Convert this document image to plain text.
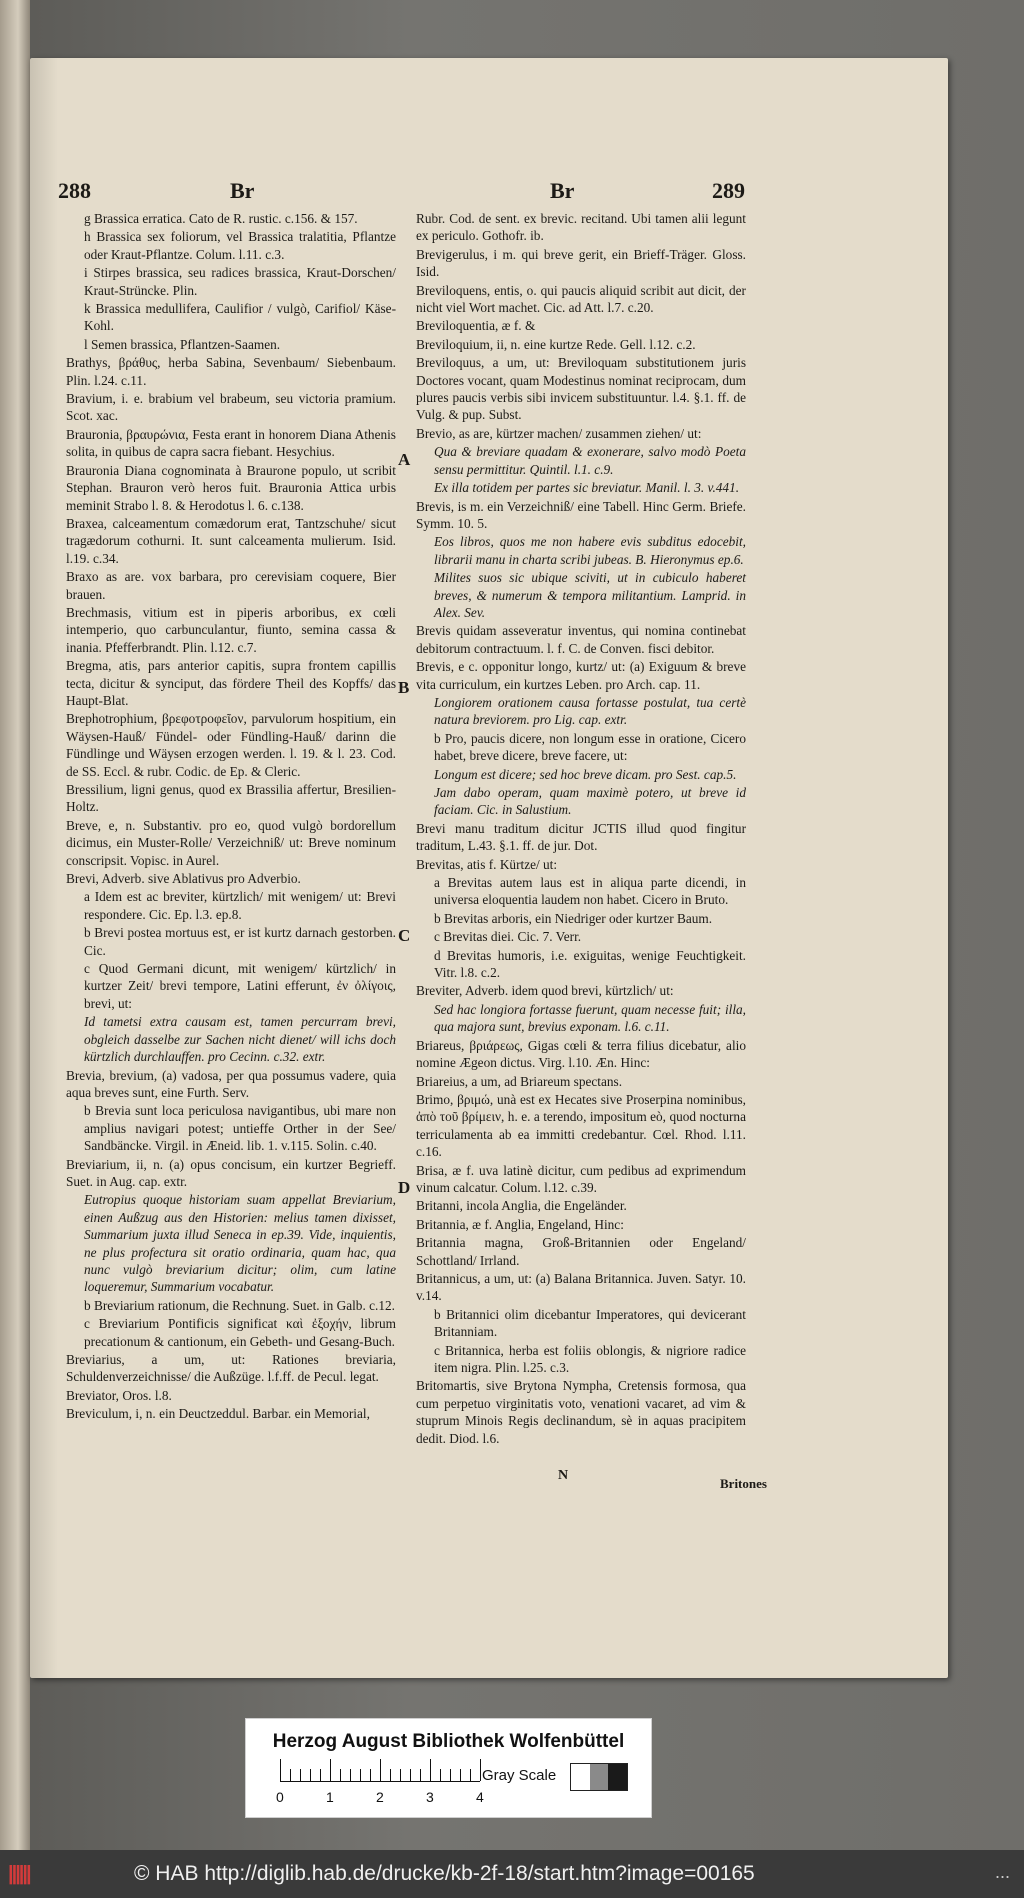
288	Br	Br	289

g Brassica erratica. Cato de R. rustic. c.156. & 157.

h Brassica sex foliorum, vel Brassica tralatitia, Pflantze oder Kraut-Pflantze. Colum. l.11. c.3.

i Stirpes brassica, seu radices brassica, Kraut-Dorschen/ Kraut-Strüncke. Plin.

k Brassica medullifera, Caulifior / vulgò, Carifiol/ Käse-Kohl.

l Semen brassica, Pflantzen-Saamen.

Brathys, βράθυς, herba Sabina, Sevenbaum/ Siebenbaum. Plin. l.24. c.11.

Bravium, i. e. brabium vel brabeum, seu victoria pramium. Scot. xac.

Brauronia, βραυρώνια, Festa erant in honorem Diana Athenis solita, in quibus de capra sacra fiebant. Hesychius.

Brauronia Diana cognominata à Braurone populo, ut scribit Stephan. Brauron verò heros fuit. Brauronia Attica urbis meminit Strabo l. 8. & Herodotus l. 6. c.138.

Braxea, calceamentum comædorum erat, Tantzschuhe/ sicut tragædorum cothurni. It. sunt calceamenta mulierum. Isid. l.19. c.34.

Braxo as are. vox barbara, pro cerevisiam coquere, Bier brauen.

Brechmasis, vitium est in piperis arboribus, ex cœli intemperio, quo carbunculantur, fiunto, semina cassa & inania. Pfefferbrandt. Plin. l.12. c.7.

Bregma, atis, pars anterior capitis, supra frontem capillis tecta, dicitur & synciput, das fördere Theil des Kopffs/ das Haupt-Blat.

Brephotrophium, βρεφοτροφεῖον, parvulorum hospitium, ein Wäysen-Hauß/ Fündel- oder Fündling-Hauß/ darinn die Fündlinge und Wäysen erzogen werden. l. 19. & l. 23. Cod. de SS. Eccl. & rubr. Codic. de Ep. & Cleric.

Bressilium, ligni genus, quod ex Brassilia affertur, Bresilien-Holtz.

Breve, e, n. Substantiv. pro eo, quod vulgò bordorellum dicimus, ein Muster-Rolle/ Verzeichniß/ ut: Breve nominum conscripsit. Vopisc. in Aurel.

Brevi, Adverb. sive Ablativus pro Adverbio.

a Idem est ac breviter, kürtzlich/ mit wenigem/ ut: Brevi respondere. Cic. Ep. l.3. ep.8.

b Brevi postea mortuus est, er ist kurtz darnach gestorben. Cic.

c Quod Germani dicunt, mit wenigem/ kürtzlich/ in kurtzer Zeit/ brevi tempore, Latini efferunt, ἐν ὀλίγοις, brevi, ut:

Id tametsi extra causam est, tamen percurram brevi, obgleich dasselbe zur Sachen nicht dienet/ will ichs doch kürtzlich durchlauffen. pro Cecinn. c.32. extr.

Brevia, brevium, (a) vadosa, per qua possumus vadere, quia aqua breves sunt, eine Furth. Serv.

b Brevia sunt loca periculosa navigantibus, ubi mare non amplius navigari potest; untieffe Orther in der See/ Sandbäncke. Virgil. in Æneid. lib. 1. v.115. Solin. c.40.

Breviarium, ii, n. (a) opus concisum, ein kurtzer Begrieff. Suet. in Aug. cap. extr.

Eutropius quoque historiam suam appellat Breviarium, einen Außzug aus den Historien: melius tamen dixisset, Summarium juxta illud Seneca in ep.39. Vide, inquientis, ne plus profectura sit oratio ordinaria, quam hac, qua nunc vulgò breviarium dicitur; olim, cum latine loqueremur, Summarium vocabatur.

b Breviarium rationum, die Rechnung. Suet. in Galb. c.12.

c Breviarium Pontificis significat καὶ ἐξοχήν, librum precationum & cantionum, ein Gebeth- und Gesang-Buch.

Breviarius, a um, ut: Rationes breviaria, Schuldenverzeichnisse/ die Außzüge. l.f.ff. de Pecul. legat.

Breviator, Oros. l.8.

Breviculum, i, n. ein Deuctzeddul. Barbar. ein Memorial,

Rubr. Cod. de sent. ex brevic. recitand. Ubi tamen alii legunt ex periculo. Gothofr. ib.

Brevigerulus, i m. qui breve gerit, ein Brieff-Träger. Gloss. Isid.

Breviloquens, entis, o. qui paucis aliquid scribit aut dicit, der nicht viel Wort machet. Cic. ad Att. l.7. c.20.

Breviloquentia, æ f. &

Breviloquium, ii, n. eine kurtze Rede. Gell. l.12. c.2.

Breviloquus, a um, ut: Breviloquam substitutionem juris Doctores vocant, quam Modestinus nominat reciprocam, dum plures paucis verbis sibi invicem substituuntur. l.4. §.1. ff. de Vulg. & pup. Subst.

Brevio, as are, kürtzer machen/ zusammen ziehen/ ut:

Qua & breviare quadam & exonerare, salvo modò Poeta sensu permittitur. Quintil. l.1. c.9.

Ex illa totidem per partes sic breviatur. Manil. l. 3. v.441.

Brevis, is m. ein Verzeichniß/ eine Tabell. Hinc Germ. Briefe. Symm. 10. 5.

Eos libros, quos me non habere evis subditus edocebit, librarii manu in charta scribi jubeas. B. Hieronymus ep.6.

Milites suos sic ubique sciviti, ut in cubiculo haberet breves, & numerum & tempora militantium. Lamprid. in Alex. Sev.

Brevis quidam asseveratur inventus, qui nomina continebat debitorum contractuum. l. f. C. de Conven. fisci debitor.

Brevis, e c. opponitur longo, kurtz/ ut: (a) Exiguum & breve vita curriculum, ein kurtzes Leben. pro Arch. cap. 11.

Longiorem orationem causa fortasse postulat, tua certè natura breviorem. pro Lig. cap. extr.

b Pro, paucis dicere, non longum esse in oratione, Cicero habet, breve dicere, breve facere, ut:

Longum est dicere; sed hoc breve dicam. pro Sest. cap.5.

Jam dabo operam, quam maximè potero, ut breve id faciam. Cic. in Salustium.

Brevi manu traditum dicitur JCTIS illud quod fingitur traditum, L.43. §.1. ff. de jur. Dot.

Brevitas, atis f. Kürtze/ ut:

a Brevitas autem laus est in aliqua parte dicendi, in universa eloquentia laudem non habet. Cicero in Bruto.

b Brevitas arboris, ein Niedriger oder kurtzer Baum.

c Brevitas diei. Cic. 7. Verr.

d Brevitas humoris, i.e. exiguitas, wenige Feuchtigkeit. Vitr. l.8. c.2.

Breviter, Adverb. idem quod brevi, kürtzlich/ ut:

Sed hac longiora fortasse fuerunt, quam necesse fuit; illa, qua majora sunt, brevius exponam. l.6. c.11.

Briareus, βριάρεως, Gigas cœli & terra filius dicebatur, alio nomine Ægeon dictus. Virg. l.10. Æn. Hinc:

Briareius, a um, ad Briareum spectans.

Brimo, βριμώ, unà est ex Hecates sive Proserpina nominibus, ἀπὸ τοῦ βρίμειν, h. e. a terendo, impositum eò, quod nocturna terriculamenta ab ea immitti credebantur. Cœl. Rhod. l.11. c.16.

Brisa, æ f. uva latinè dicitur, cum pedibus ad exprimendum vinum calcatur. Colum. l.12. c.39.

Britanni, incola Anglia, die Engeländer.

Britannia, æ f. Anglia, Engeland, Hinc:

Britannia magna, Groß-Britannien oder Engeland/ Schottland/ Irrland.

Britannicus, a um, ut: (a) Balana Britannica. Juven. Satyr. 10. v.14.

b Britannici olim dicebantur Imperatores, qui devicerant Britanniam.

c Britannica, herba est foliis oblongis, & nigriore radice item nigra. Plin. l.25. c.3.

Britomartis, sive Brytona Nympha, Cretensis formosa, qua cum perpetuo virginitatis voto, venationi vacaret, ad vim & stuprum Minois Regis declinandum, sè in aquas pracipitem dedit. Diod. l.6.

A
B
C
D
N
Britones
Herzog August Bibliothek Wolfenbüttel
0	1	2	3	4
Gray Scale
||||||	© HAB http://diglib.hab.de/drucke/kb-2f-18/start.htm?image=00165	...
